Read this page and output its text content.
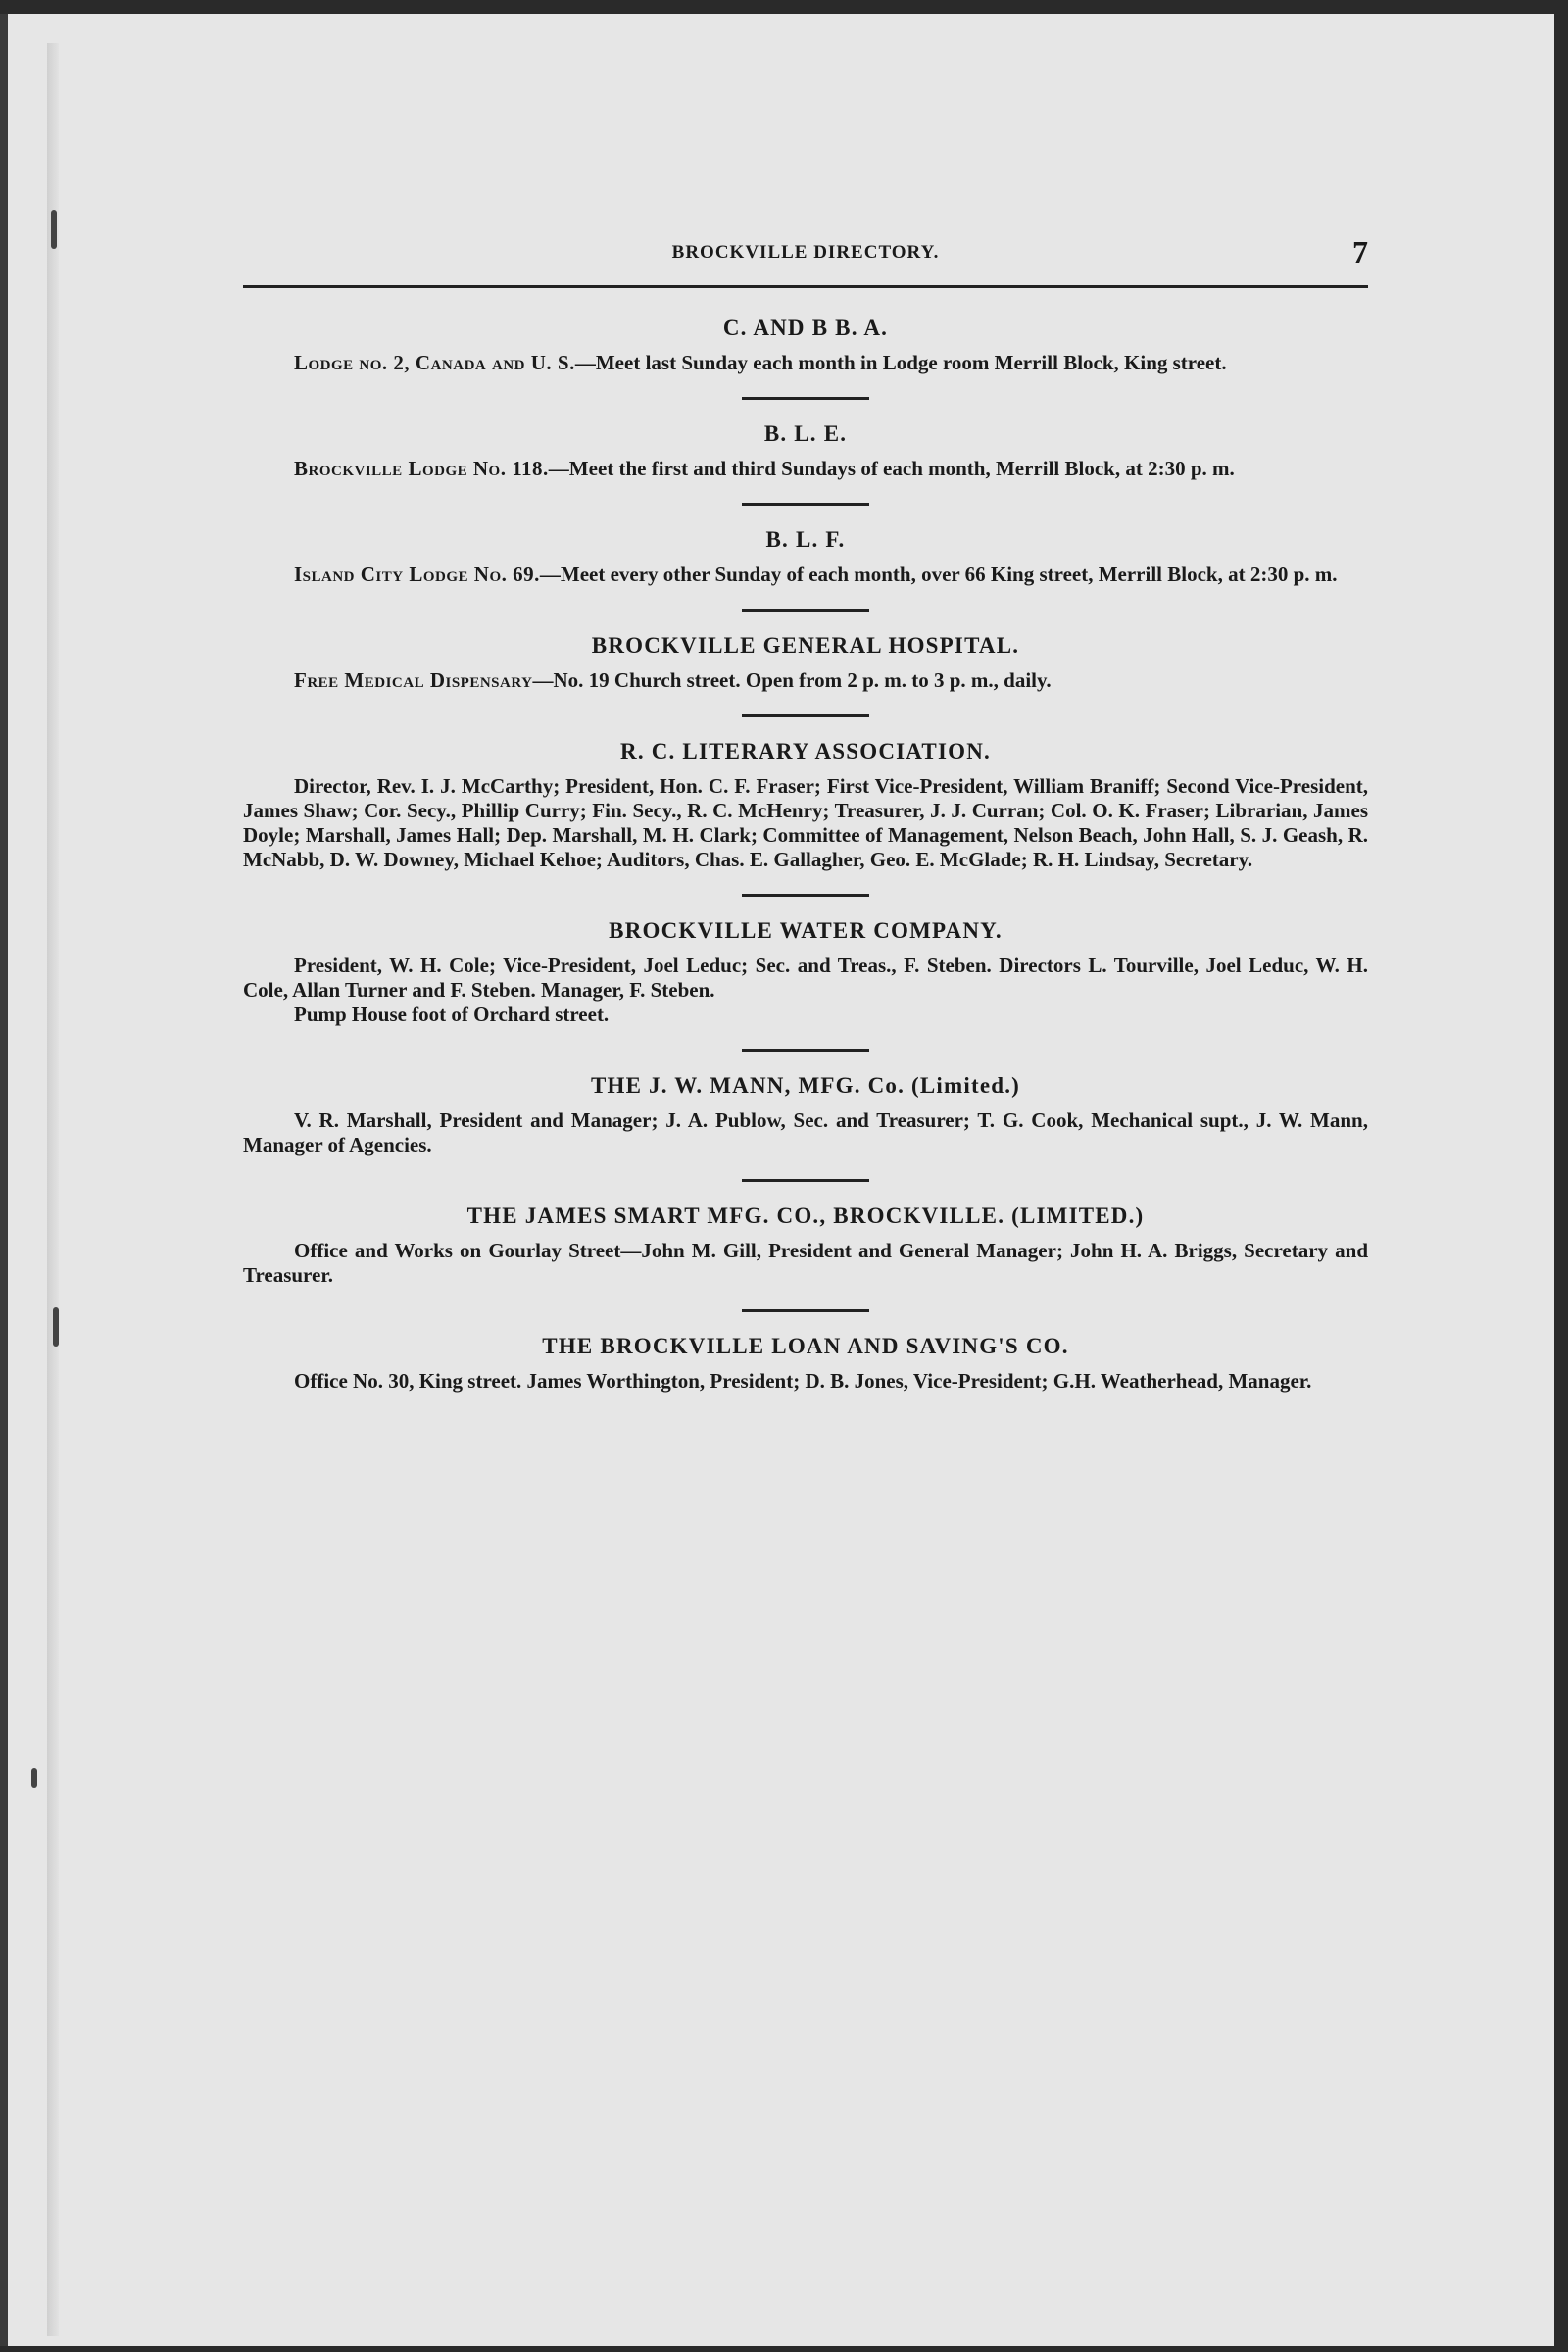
BROCKVILLE DIRECTORY.	7
C. AND B B. A.

Lodge no. 2, Canada and U. S.—Meet last Sunday each month in Lodge room Merrill Block, King street.

B. L. E.

Brockville Lodge No. 118.—Meet the first and third Sundays of each month, Merrill Block, at 2:30 p. m.

B. L. F.

Island City Lodge No. 69.—Meet every other Sunday of each month, over 66 King street, Merrill Block, at 2:30 p. m.

BROCKVILLE GENERAL HOSPITAL.

Free Medical Dispensary—No. 19 Church street. Open from 2 p. m. to 3 p. m., daily.

R. C. LITERARY ASSOCIATION.

Director, Rev. I. J. McCarthy; President, Hon. C. F. Fraser; First Vice-President, William Braniff; Second Vice-President, James Shaw; Cor. Secy., Phillip Curry; Fin. Secy., R. C. McHenry; Treasurer, J. J. Curran; Col. O. K. Fraser; Librarian, James Doyle; Marshall, James Hall; Dep. Marshall, M. H. Clark; Committee of Management, Nelson Beach, John Hall, S. J. Geash, R. McNabb, D. W. Downey, Michael Kehoe; Auditors, Chas. E. Gallagher, Geo. E. McGlade; R. H. Lindsay, Secretary.

BROCKVILLE WATER COMPANY.

President, W. H. Cole; Vice-President, Joel Leduc; Sec. and Treas., F. Steben. Directors L. Tourville, Joel Leduc, W. H. Cole, Allan Turner and F. Steben. Manager, F. Steben.

Pump House foot of Orchard street.

THE J. W. MANN, MFG. Co. (Limited.)

V. R. Marshall, President and Manager; J. A. Publow, Sec. and Treasurer; T. G. Cook, Mechanical supt., J. W. Mann, Manager of Agencies.

THE JAMES SMART MFG. CO., BROCKVILLE. (LIMITED.)

Office and Works on Gourlay Street—John M. Gill, President and General Manager; John H. A. Briggs, Secretary and Treasurer.

THE BROCKVILLE LOAN AND SAVING'S CO.

Office No. 30, King street. James Worthington, President; D. B. Jones, Vice-President; G.H. Weatherhead, Manager.
